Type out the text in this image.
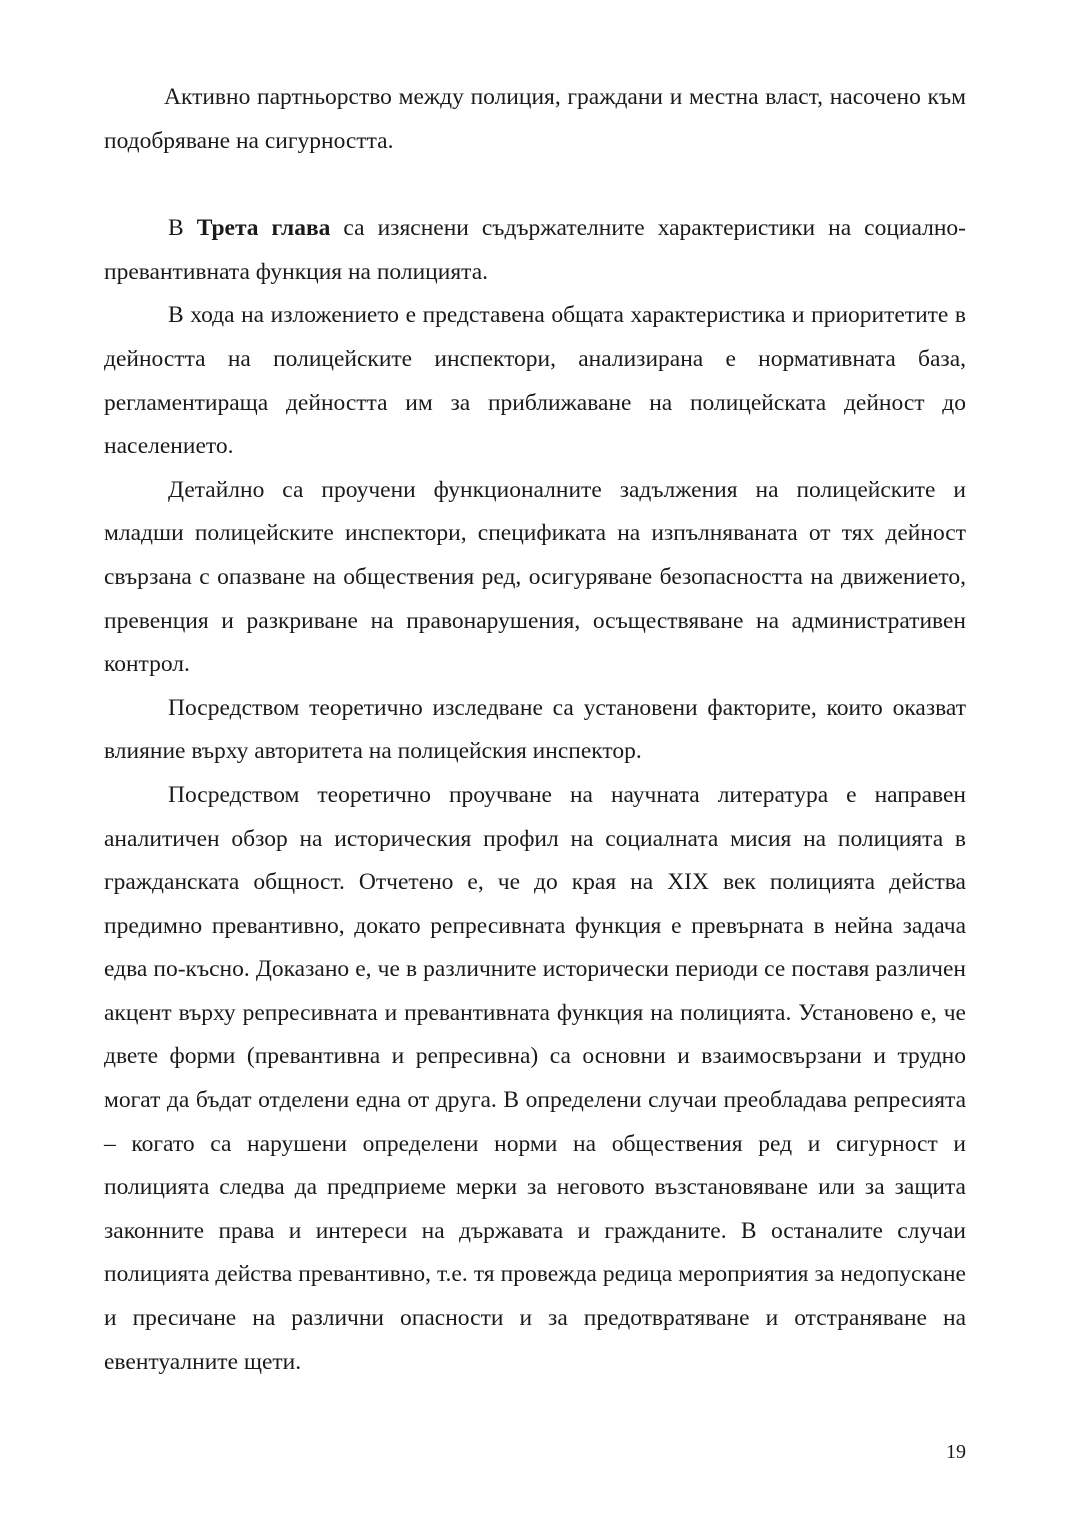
Активно партньорство между полиция, граждани и местна власт, насочено към подобряване на сигурността.

В Трета глава са изяснени съдържателните характеристики на социално- превантивната функция на полицията.

В хода на изложението е представена общата характеристика и приоритетите в дейността на полицейските инспектори, анализирана е нормативната база, регламентираща дейността им за приближаване на полицейската дейност до населението.

Детайлно са проучени функционалните задължения на полицейските и младши полицейските инспектори, спецификата на изпълняваната от тях дейност свързана с опазване на обществения ред, осигуряване безопасността на движението, превенция и разкриване на правонарушения, осъществяване на административен контрол.

Посредством теоретично изследване са установени факторите, които оказват влияние върху авторитета на полицейския инспектор.

Посредством теоретично проучване на научната литература е направен аналитичен обзор на историческия профил на социалната мисия на полицията в гражданската общност. Отчетено е, че до края на XIX век полицията действа предимно превантивно, докато репресивната функция е превърната в нейна задача едва по-късно. Доказано е, че в различните исторически периоди се поставя различен акцент върху репресивната и превантивната функция на полицията. Установено е, че двете форми (превантивна и репресивна) са основни и взаимосвързани и трудно могат да бъдат отделени една от друга. В определени случаи преобладава репресията – когато са нарушени определени норми на обществения ред и сигурност и полицията следва да предприеме мерки за неговото възстановяване или за защита законните права и интереси на държавата и гражданите. В останалите случаи полицията действа превантивно, т.е. тя провежда редица мероприятия за недопускане и пресичане на различни опасности и за предотвратяване и отстраняване на евентуалните щети.

19
